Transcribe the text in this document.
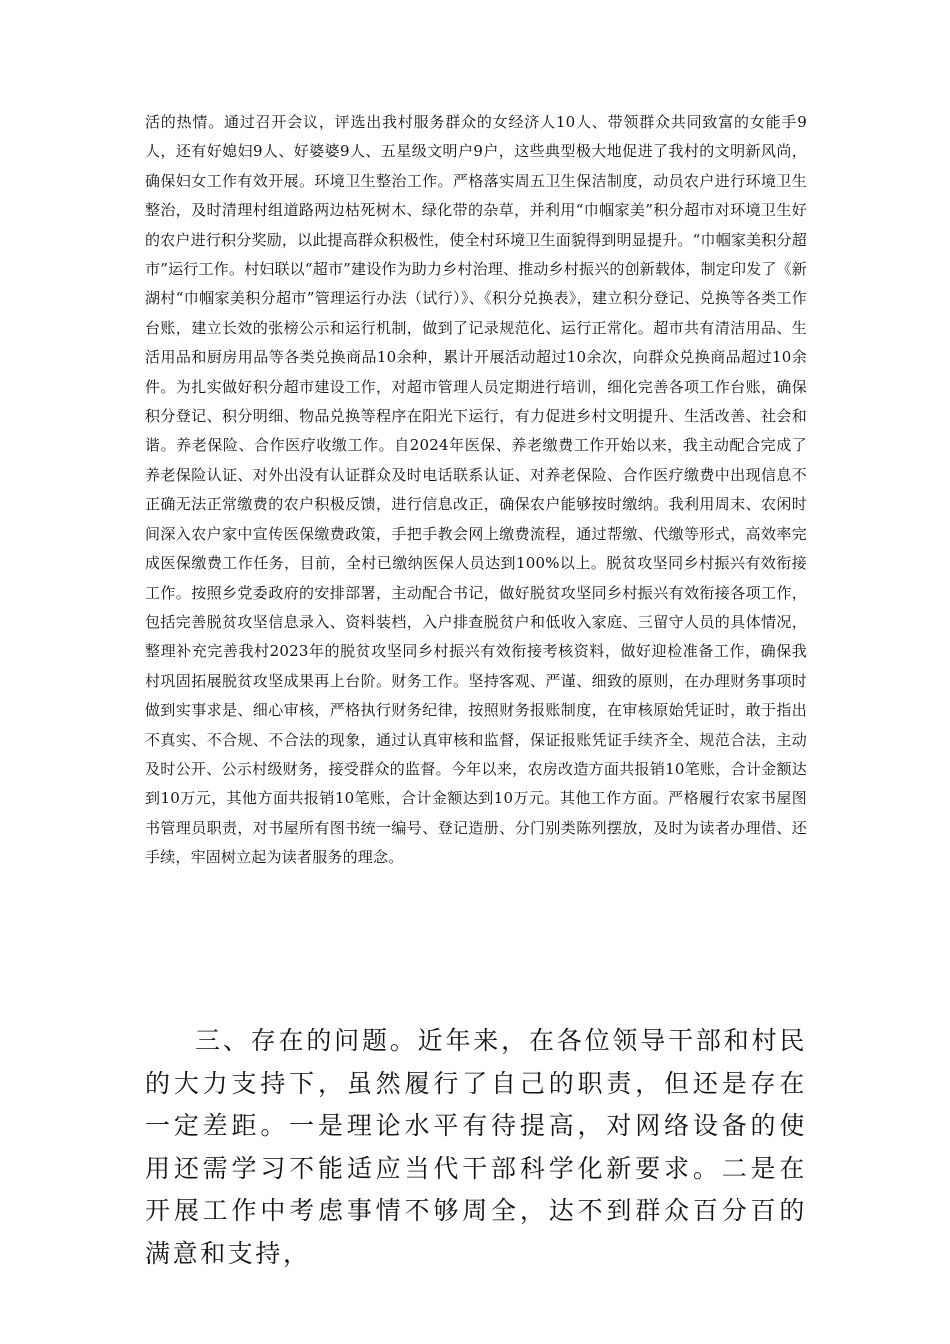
活的热情。通过召开会议，评选出我村服务群众的女经济人10人、带领群众共同致富的女能手9人，还有好媳妇9人、好婆婆9人、五星级文明户9户，这些典型极大地促进了我村的文明新风尚，确保妇女工作有效开展。环境卫生整治工作。严格落实周五卫生保洁制度，动员农户进行环境卫生整治，及时清理村组道路两边枯死树木、绿化带的杂草，并利用“巾帼家美”积分超市对环境卫生好的农户进行积分奖励，以此提高群众积极性，使全村环境卫生面貌得到明显提升。“巾帼家美积分超市”运行工作。村妇联以“超市”建设作为助力乡村治理、推动乡村振兴的创新载体，制定印发了《新湖村“巾帼家美积分超市”管理运行办法（试行）》、《积分兑换表》，建立积分登记、兑换等各类工作台账，建立长效的张榜公示和运行机制，做到了记录规范化、运行正常化。超市共有清洁用品、生活用品和厨房用品等各类兑换商品10余种，累计开展活动超过10余次，向群众兑换商品超过10余件。为扎实做好积分超市建设工作，对超市管理人员定期进行培训，细化完善各项工作台账，确保积分登记、积分明细、物品兑换等程序在阳光下运行，有力促进乡村文明提升、生活改善、社会和谐。养老保险、合作医疗收缴工作。自2024年医保、养老缴费工作开始以来，我主动配合完成了养老保险认证、对外出没有认证群众及时电话联系认证、对养老保险、合作医疗缴费中出现信息不正确无法正常缴费的农户积极反馈，进行信息改正，确保农户能够按时缴纳。我利用周末、农闲时间深入农户家中宣传医保缴费政策，手把手教会网上缴费流程，通过帮缴、代缴等形式，高效率完成医保缴费工作任务，目前，全村已缴纳医保人员达到100%以上。脱贫攻坚同乡村振兴有效衔接工作。按照乡党委政府的安排部署，主动配合书记，做好脱贫攻坚同乡村振兴有效衔接各项工作，包括完善脱贫攻坚信息录入、资料装档，入户排查脱贫户和低收入家庭、三留守人员的具体情况，整理补充完善我村2023年的脱贫攻坚同乡村振兴有效衔接考核资料，做好迎检准备工作，确保我村巩固拓展脱贫攻坚成果再上台阶。财务工作。坚持客观、严谨、细致的原则，在办理财务事项时做到实事求是、细心审核，严格执行财务纪律，按照财务报账制度，在审核原始凭证时，敢于指出不真实、不合规、不合法的现象，通过认真审核和监督，保证报账凭证手续齐全、规范合法，主动及时公开、公示村级财务，接受群众的监督。今年以来，农房改造方面共报销10笔账，合计金额达到10万元，其他方面共报销10笔账，合计金额达到10万元。其他工作方面。严格履行农家书屋图书管理员职责，对书屋所有图书统一编号、登记造册、分门别类陈列摆放，及时为读者办理借、还手续，牢固树立起为读者服务的理念。

三、存在的问题。近年来，在各位领导干部和村民的大力支持下，虽然履行了自己的职责，但还是存在一定差距。一是理论水平有待提高，对网络设备的使用还需学习不能适应当代干部科学化新要求。二是在开展工作中考虑事情不够周全，达不到群众百分百的满意和支持，
